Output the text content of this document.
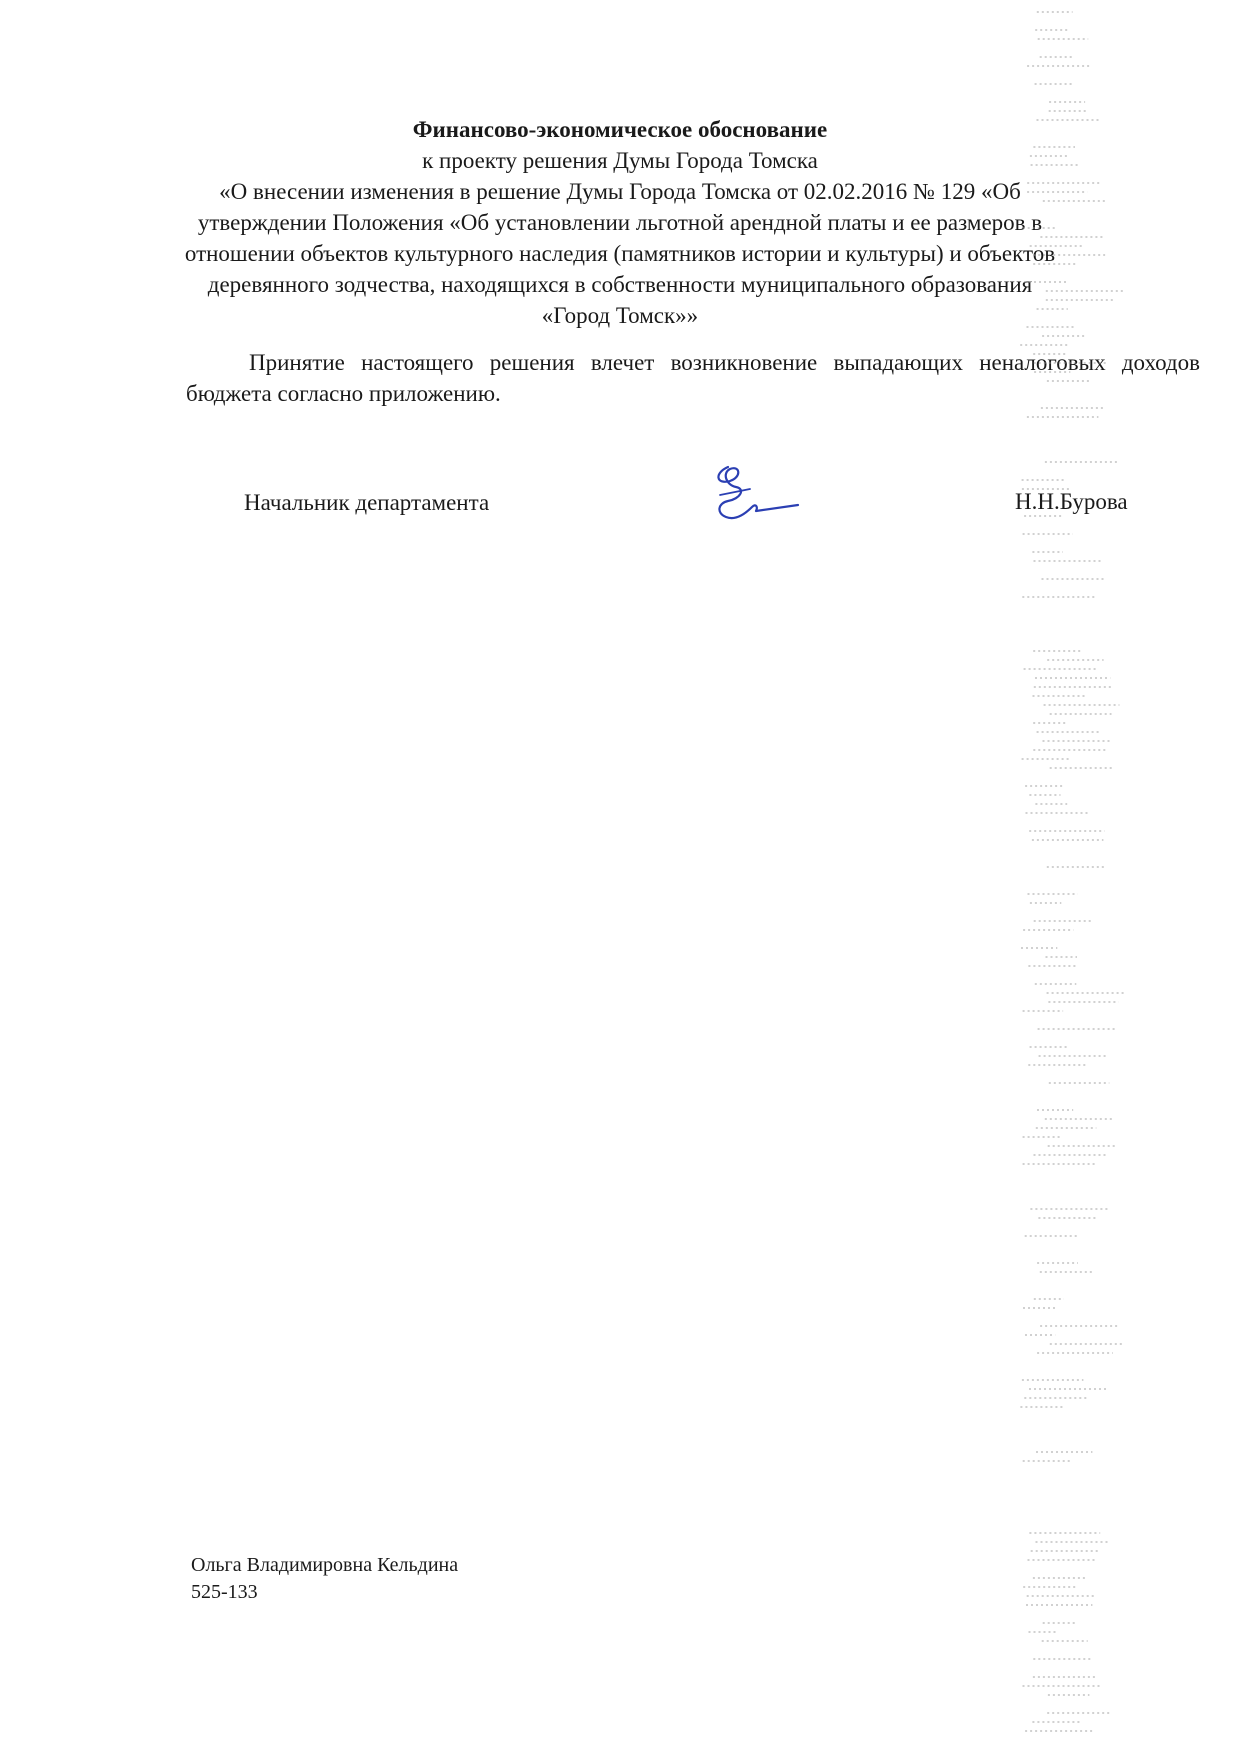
Финансово-экономическое обоснование
к проекту решения Думы Города Томска
«О внесении изменения в решение Думы Города Томска от 02.02.2016 № 129 «Об утверждении Положения «Об установлении льготной арендной платы и ее размеров в отношении объектов культурного наследия (памятников истории и культуры) и объектов деревянного зодчества, находящихся в собственности муниципального образования «Город Томск»»
Принятие настоящего решения влечет возникновение выпадающих неналоговых доходов бюджета согласно приложению.
Начальник департамента	Н.Н.Бурова
Ольга Владимировна Кельдина
525-133
